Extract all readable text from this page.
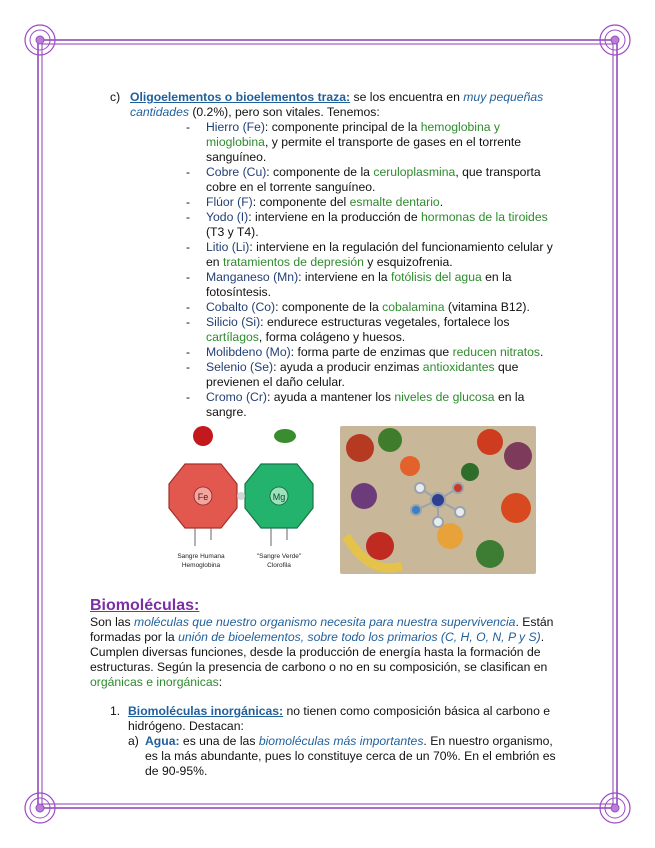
c) Oligoelementos o bioelementos traza: se los encuentra en muy pequeñas cantidades (0.2%), pero son vitales. Tenemos:
- Hierro (Fe): componente principal de la hemoglobina y mioglobina, y permite el transporte de gases en el torrente sanguíneo.
- Cobre (Cu): componente de la ceruloplasmina, que transporta cobre en el torrente sanguíneo.
- Flúor (F): componente del esmalte dentario.
- Yodo (I): interviene en la producción de hormonas de la tiroides (T3 y T4).
- Litio (Li): interviene en la regulación del funcionamiento celular y en tratamientos de depresión y esquizofrenia.
- Manganeso (Mn): interviene en la fotólisis del agua en la fotosíntesis.
- Cobalto (Co): componente de la cobalamina (vitamina B12).
- Silicio (Si): endurece estructuras vegetales, fortalece los cartílagos, forma colágeno y huesos.
- Molibdeno (Mo): forma parte de enzimas que reducen nitratos.
- Selenio (Se): ayuda a producir enzimas antioxidantes que previenen el daño celular.
- Cromo (Cr): ayuda a mantener los niveles de glucosa en la sangre.
Fe	Mg
Sangre Humana
Hemoglobina
"Sangre Verde"
Clorofila
Biomoléculas:

Son las moléculas que nuestro organismo necesita para nuestra supervivencia. Están formadas por la unión de bioelementos, sobre todo los primarios (C, H, O, N, P y S). Cumplen diversas funciones, desde la producción de energía hasta la formación de estructuras. Según la presencia de carbono o no en su composición, se clasifican en orgánicas e inorgánicas:

1. Biomoléculas inorgánicas: no tienen como composición básica al carbono e hidrógeno. Destacan:
a) Agua: es una de las biomoléculas más importantes. En nuestro organismo, es la más abundante, pues lo constituye cerca de un 70%. En el embrión es de 90-95%.
